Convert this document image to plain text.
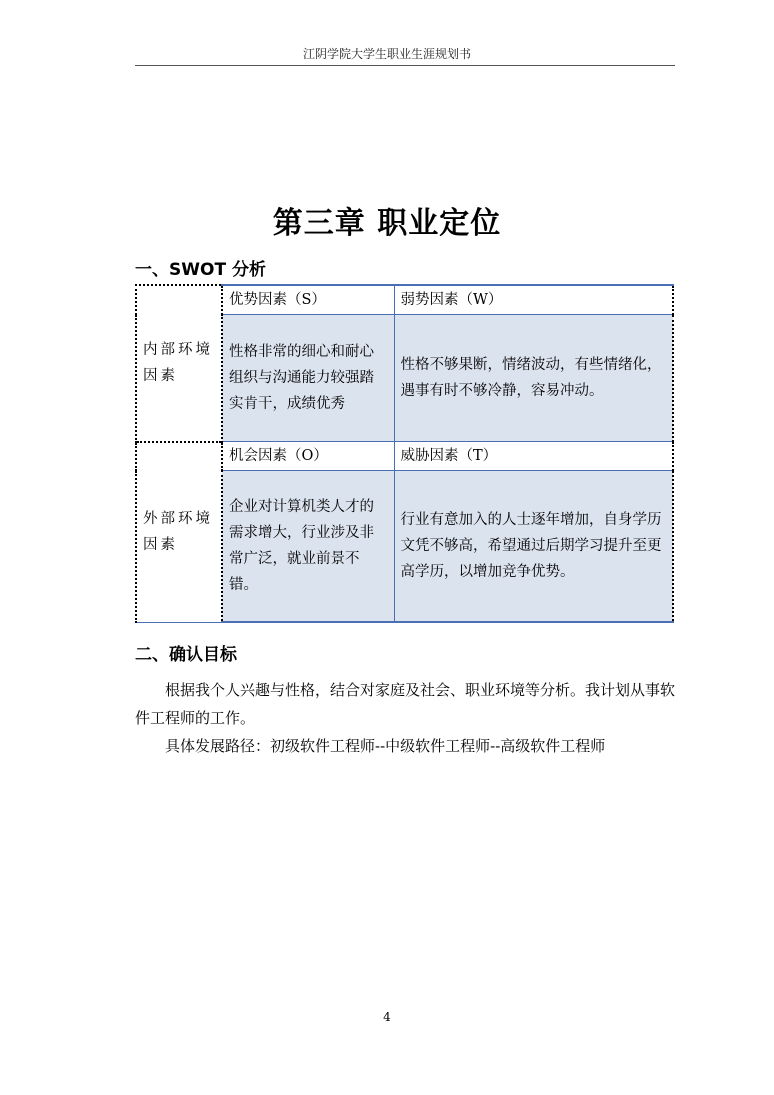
江阴学院大学生职业生涯规划书
第三章 职业定位
一、SWOT 分析
内部环境因素	优势因素（S）	弱势因素（W）
	性格非常的细心和耐心组织与沟通能力较强踏实肯干，成绩优秀	性格不够果断，情绪波动，有些情绪化，遇事有时不够冷静，容易冲动。
外部环境因素	机会因素（O）	威胁因素（T）
	企业对计算机类人才的需求增大，行业涉及非常广泛，就业前景不错。	行业有意加入的人士逐年增加，自身学历文凭不够高，希望通过后期学习提升至更高学历，以增加竞争优势。
二、确认目标
根据我个人兴趣与性格，结合对家庭及社会、职业环境等分析。我计划从事软件工程师的工作。
具体发展路径：初级软件工程师--中级软件工程师--高级软件工程师
4
